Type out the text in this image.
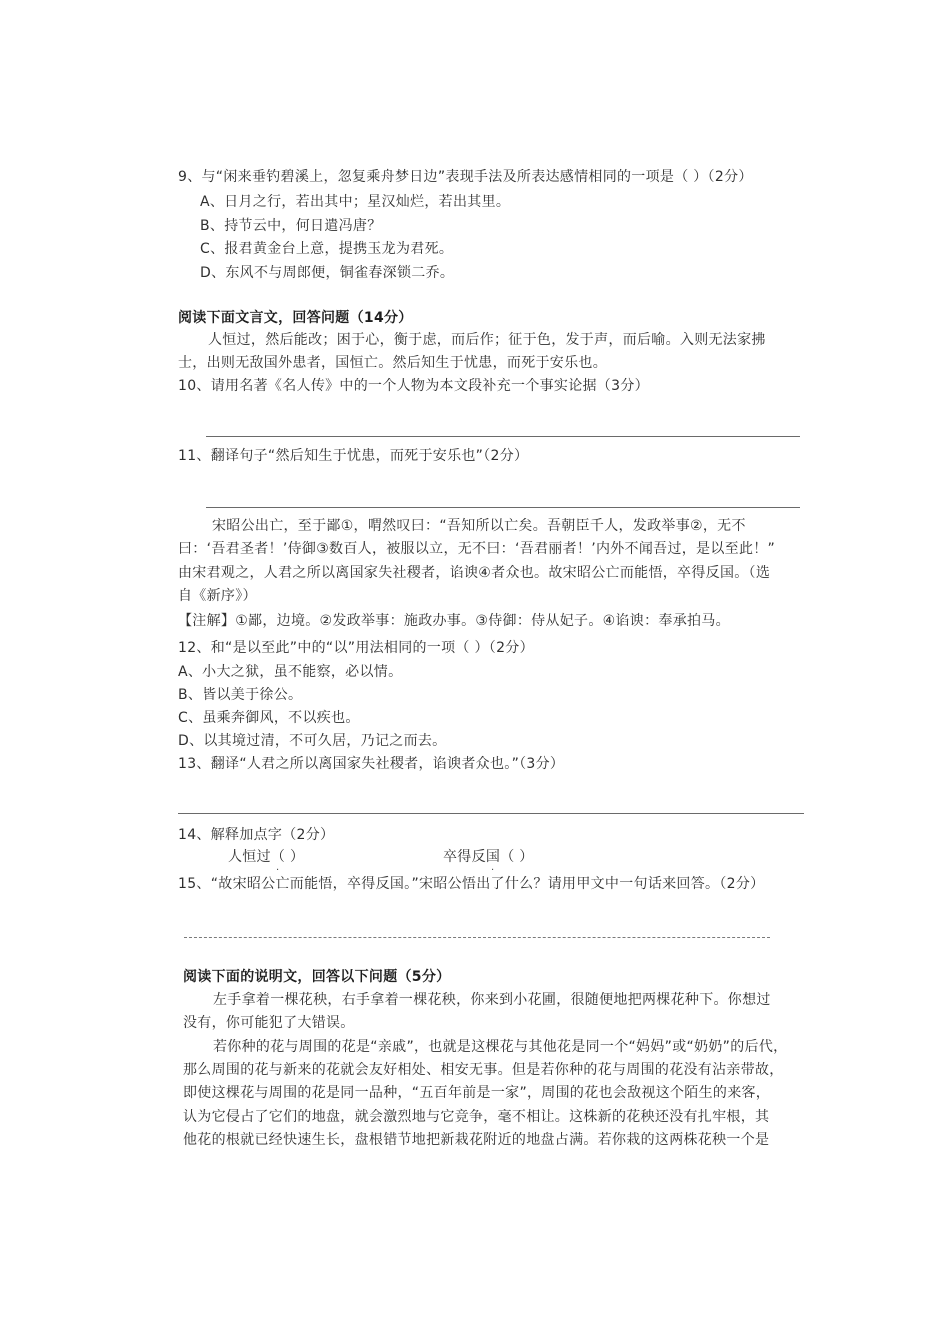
9、与“闲来垂钓碧溪上，忽复乘舟梦日边”表现手法及所表达感情相同的一项是（ ）（2分）
A、日月之行，若出其中；星汉灿烂，若出其里。
B、持节云中，何日遣冯唐？
C、报君黄金台上意，提携玉龙为君死。
D、东风不与周郎便，铜雀春深锁二乔。
阅读下面文言文，回答问题（14分）
人恒过，然后能改；困于心，衡于虑，而后作；征于色，发于声，而后喻。入则无法家拂
士，出则无敌国外患者，国恒亡。然后知生于忧患，而死于安乐也。
10、请用名著《名人传》中的一个人物为本文段补充一个事实论据（3分）
11、翻译句子“然后知生于忧患，而死于安乐也”（2分）
宋昭公出亡，至于鄙①，喟然叹曰：“吾知所以亡矣。吾朝臣千人，发政举事②，无不
曰：‘吾君圣者！’侍御③数百人，被服以立，无不曰：‘吾君丽者！’内外不闻吾过，是以至此！”
由宋君观之，人君之所以离国家失社稷者，谄谀④者众也。故宋昭公亡而能悟，卒得反国。（选
自《新序》）
【注解】①鄙，边境。②发政举事：施政办事。③侍御：侍从妃子。④谄谀：奉承拍马。
12、和“是以至此”中的“以”用法相同的一项（ ）（2分）
A、小大之狱，虽不能察，必以情。
B、皆以美于徐公。
C、虽乘奔御风，不以疾也。
D、以其境过清，不可久居，乃记之而去。
13、翻译“人君之所以离国家失社稷者，谄谀者众也。”（3分）
14、解释加点字（2分）
人恒过（ ）
·
卒得反国（ ）
·
15、“故宋昭公亡而能悟，卒得反国。”宋昭公悟出了什么？请用甲文中一句话来回答。（2分）
阅读下面的说明文，回答以下问题（5分）
左手拿着一棵花秧，右手拿着一棵花秧，你来到小花圃，很随便地把两棵花种下。你想过
没有，你可能犯了大错误。
若你种的花与周围的花是“亲戚”，也就是这棵花与其他花是同一个“妈妈”或“奶奶”的后代，
那么周围的花与新来的花就会友好相处、相安无事。但是若你种的花与周围的花没有沾亲带故，
即使这棵花与周围的花是同一品种，“五百年前是一家”，周围的花也会敌视这个陌生的来客，
认为它侵占了它们的地盘，就会激烈地与它竞争，毫不相让。这株新的花秧还没有扎牢根，其
他花的根就已经快速生长，盘根错节地把新栽花附近的地盘占满。若你栽的这两株花秧一个是
